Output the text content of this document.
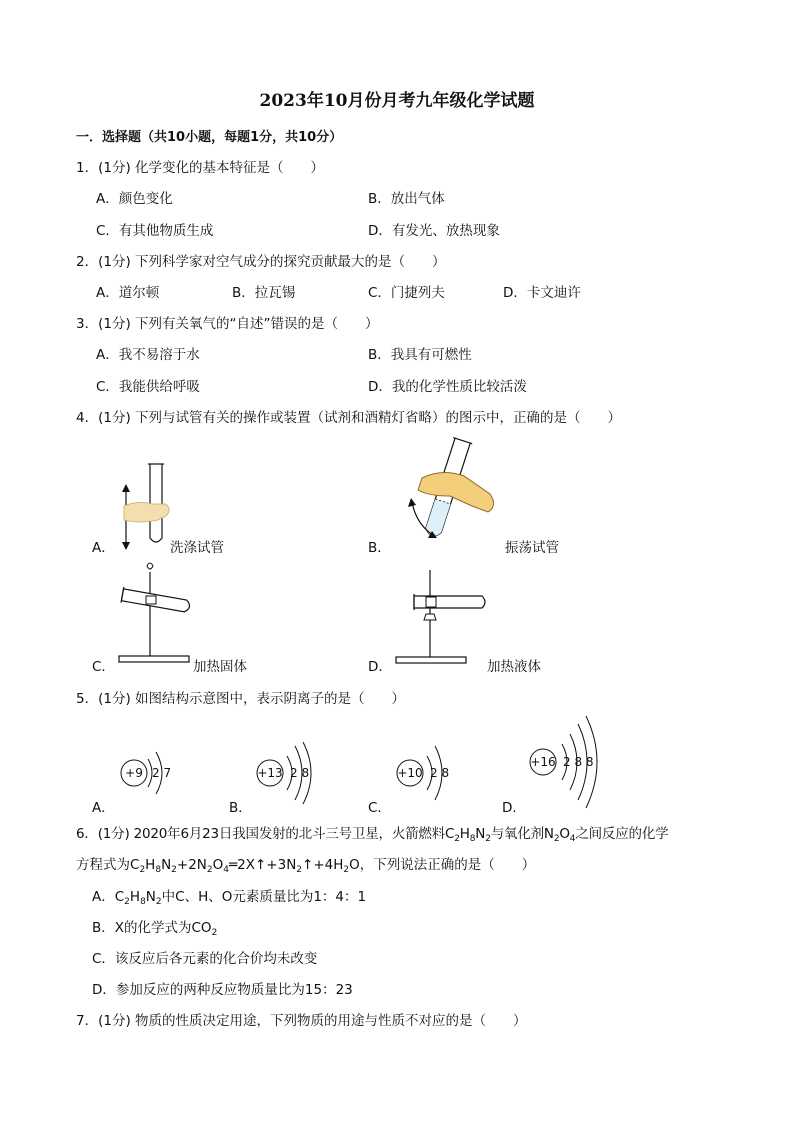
2023年10月份月考九年级化学试题
一．选择题（共10小题，每题1分，共10分）
1．(1分) 化学变化的基本特征是（　　）
A．颜色变化	B．放出气体
C．有其他物质生成	D．有发光、放热现象
2．(1分) 下列科学家对空气成分的探究贡献最大的是（　　）
A．道尔顿	B．拉瓦锡	C．门捷列夫	D．卡文迪许
3．(1分) 下列有关氧气的“自述”错误的是（　　）
A．我不易溶于水	B．我具有可燃性
C．我能供给呼吸	D．我的化学性质比较活泼
4．(1分) 下列与试管有关的操作或装置（试剂和酒精灯省略）的图示中，正确的是（　　）
A．	洗涤试管	B．	振荡试管
C．	加热固体	D．	加热液体
5．(1分) 如图结构示意图中，表示阴离子的是（　　）
+9 2 7
A．
+13 2 8
B．
+10 2 8
C．
+16 2 8 8
D．
6．(1分) 2020年6月23日我国发射的北斗三号卫星，火箭燃料$C_2H_8N_2$与氧化剂$N_2O_4$之间反应的化学
方程式为$C_2H_8N_2+2N_2O_4═2X↑+3N_2↑+4H_2O$，下列说法正确的是（　　）
A．$C_2H_8N_2$中C、H、O元素质量比为1：4：1
B．X的化学式为$CO_2$
C．该反应后各元素的化合价均未改变
D．参加反应的两种反应物质量比为15：23
7．(1分) 物质的性质决定用途，下列物质的用途与性质不对应的是（　　）
